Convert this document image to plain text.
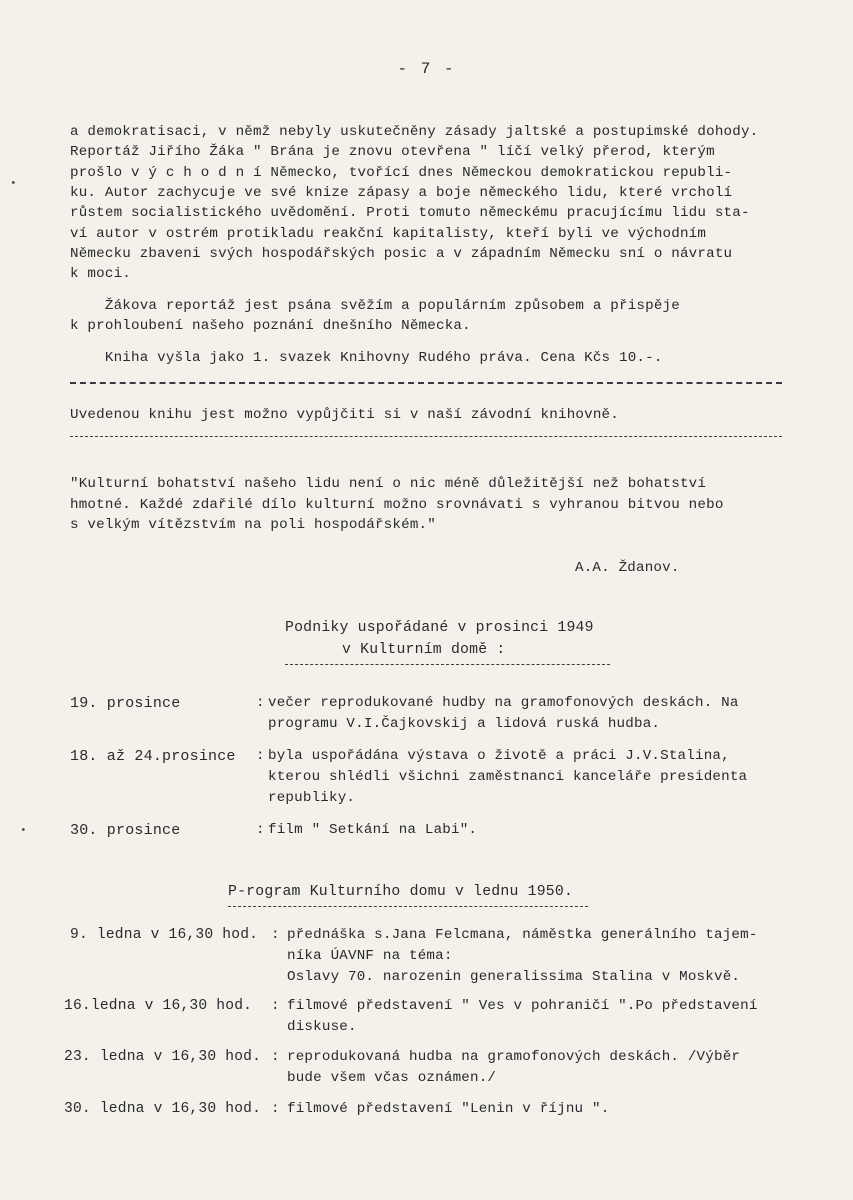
- 7 -
a demokratisaci, v němž nebyly uskutečněny zásady jaltské a postupimské dohody.
Reportáž Jiřího Žáka " Brána je znovu otevřena " líčí velký přerod, kterým
prošlo v ý c h o d n í Německo, tvořící dnes Německou demokratickou republi-
ku. Autor zachycuje ve své knize zápasy a boje německého lidu, které vrcholí
růstem socialistického uvědomění. Proti tomuto německému pracujícímu lidu sta-
ví autor v ostrém protikladu reakční kapitalisty, kteří byli ve východním
Německu zbaveni svých hospodářských posic a v západním Německu sní o návratu
k moci.
Žákova reportáž jest psána svěžím a populárním způsobem a přispěje
k prohloubení našeho poznání dnešního Německa.
Kniha vyšla jako 1. svazek Knihovny Rudého práva. Cena Kčs 10.-.
Uvedenou knihu jest možno vypůjčiti si v naší závodní knihovně.
"Kulturní bohatství našeho lidu není o nic méně důležitější než bohatství
hmotné. Každé zdařilé dílo kulturní možno srovnávati s vyhranou bitvou nebo
s velkým vítězstvím na poli hospodářském."
A.A. Ždanov.
Podniky uspořádané v prosinci 1949
v Kulturním domě :
19. prosince	: večer reprodukované hudby na gramofonových deskách. Na
programu V.I.Čajkovskij a lidová ruská hudba.
18. až 24.prosince : byla uspořádána výstava o životě a práci J.V.Stalina,
kterou shlédli všichni zaměstnanci kanceláře presidenta
republiky.
30. prosince	: film " Setkání na Labi".
P-rogram Kulturního domu v lednu 1950.
9. ledna v 16,30 hod. : přednáška s.Jana Felcmana, náměstka generálního tajem-
níka ÚAVNF na téma:
Oslavy 70. narozenin generalissima Stalina v Moskvě.
16.ledna v 16,30 hod. : filmové představení " Ves v pohraničí ".Po představení
diskuse.
23. ledna v 16,30 hod. : reprodukovaná hudba na gramofonových deskách. /Výběr
bude všem včas oznámen./
30. ledna v 16,30 hod. : filmové představení "Lenin v říjnu ".
•
•
